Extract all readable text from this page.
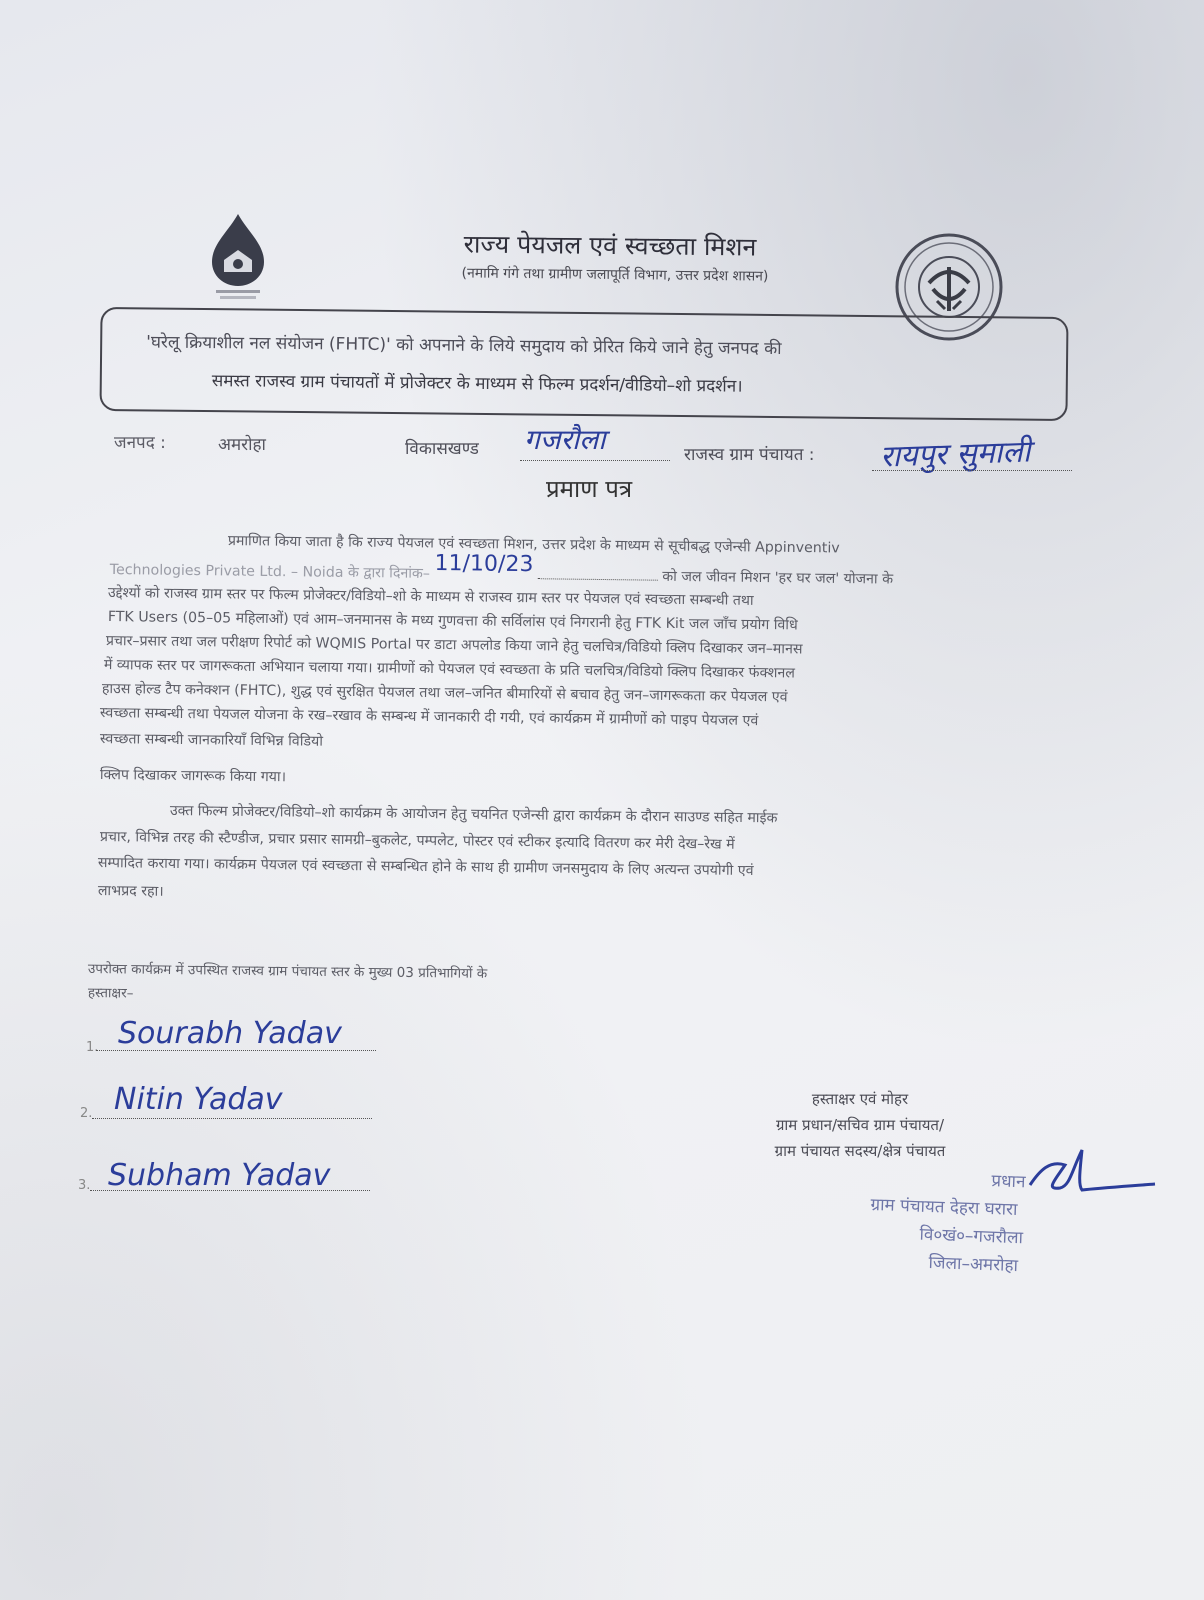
राज्य पेयजल एवं स्वच्छता मिशन
(नमामि गंगे तथा ग्रामीण जलापूर्ति विभाग, उत्तर प्रदेश शासन)
'घरेलू क्रियाशील नल संयोजन (FHTC)' को अपनाने के लिये समुदाय को प्रेरित किये जाने हेतु जनपद की
समस्त राजस्व ग्राम पंचायतों में प्रोजेक्टर के माध्यम से फिल्म प्रदर्शन/वीडियो–शो प्रदर्शन।
जनपद :	अमरोहा	विकासखण्ड गजरौला	राजस्व ग्राम पंचायत : रायपुर सुमाली
प्रमाण पत्र
प्रमाणित किया जाता है कि राज्य पेयजल एवं स्वच्छता मिशन, उत्तर प्रदेश के माध्यम से सूचीबद्ध एजेन्सी Appinventiv
Technologies Private Ltd. – Noida के द्वारा दिनांक– 11/10/23  को जल जीवन मिशन 'हर घर जल' योजना के
उद्देश्यों को राजस्व ग्राम स्तर पर फिल्म प्रोजेक्टर/विडियो–शो के माध्यम से राजस्व ग्राम स्तर पर पेयजल एवं स्वच्छता सम्बन्धी तथा
FTK Users (05–05 महिलाओं) एवं आम–जनमानस के मध्य गुणवत्ता की सर्विलांस एवं निगरानी हेतु FTK Kit जल जाँच प्रयोग विधि
प्रचार–प्रसार तथा जल परीक्षण रिपोर्ट को WQMIS Portal पर डाटा अपलोड किया जाने हेतु चलचित्र/विडियो क्लिप दिखाकर जन–मानस
में व्यापक स्तर पर जागरूकता अभियान चलाया गया। ग्रामीणों को पेयजल एवं स्वच्छता के प्रति चलचित्र/विडियो क्लिप दिखाकर फंक्शनल
हाउस होल्ड टैप कनेक्शन (FHTC), शुद्ध एवं सुरक्षित पेयजल तथा जल–जनित बीमारियों से बचाव हेतु जन–जागरूकता कर पेयजल एवं
स्वच्छता सम्बन्धी तथा पेयजल योजना के रख–रखाव के सम्बन्ध में जानकारी दी गयी, एवं कार्यक्रम में ग्रामीणों को पाइप पेयजल एवं
स्वच्छता सम्बन्धी जानकारियाँ विभिन्न विडियो
क्लिप दिखाकर जागरूक किया गया।
उक्त फिल्म प्रोजेक्टर/विडियो–शो कार्यक्रम के आयोजन हेतु चयनित एजेन्सी द्वारा कार्यक्रम के दौरान साउण्ड सहित माईक
प्रचार, विभिन्न तरह की स्टैण्डीज, प्रचार प्रसार सामग्री–बुकलेट, पम्पलेट, पोस्टर एवं स्टीकर इत्यादि वितरण कर मेरी देख–रेख में
सम्पादित कराया गया। कार्यक्रम पेयजल एवं स्वच्छता से सम्बन्धित होने के साथ ही ग्रामीण जनसमुदाय के लिए अत्यन्त उपयोगी एवं
लाभप्रद रहा।
उपरोक्त कार्यक्रम में उपस्थित राजस्व ग्राम पंचायत स्तर के मुख्य 03 प्रतिभागियों के
हस्ताक्षर–
1. Sourabh Yadav
2. Nitin Yadav
3. Subham Yadav
हस्ताक्षर एवं मोहर
ग्राम प्रधान/सचिव ग्राम पंचायत/
ग्राम पंचायत सदस्य/क्षेत्र पंचायत
प्रधान
ग्राम पंचायत देहरा घरारा
वि०खं०–गजरौला
जिला–अमरोहा
